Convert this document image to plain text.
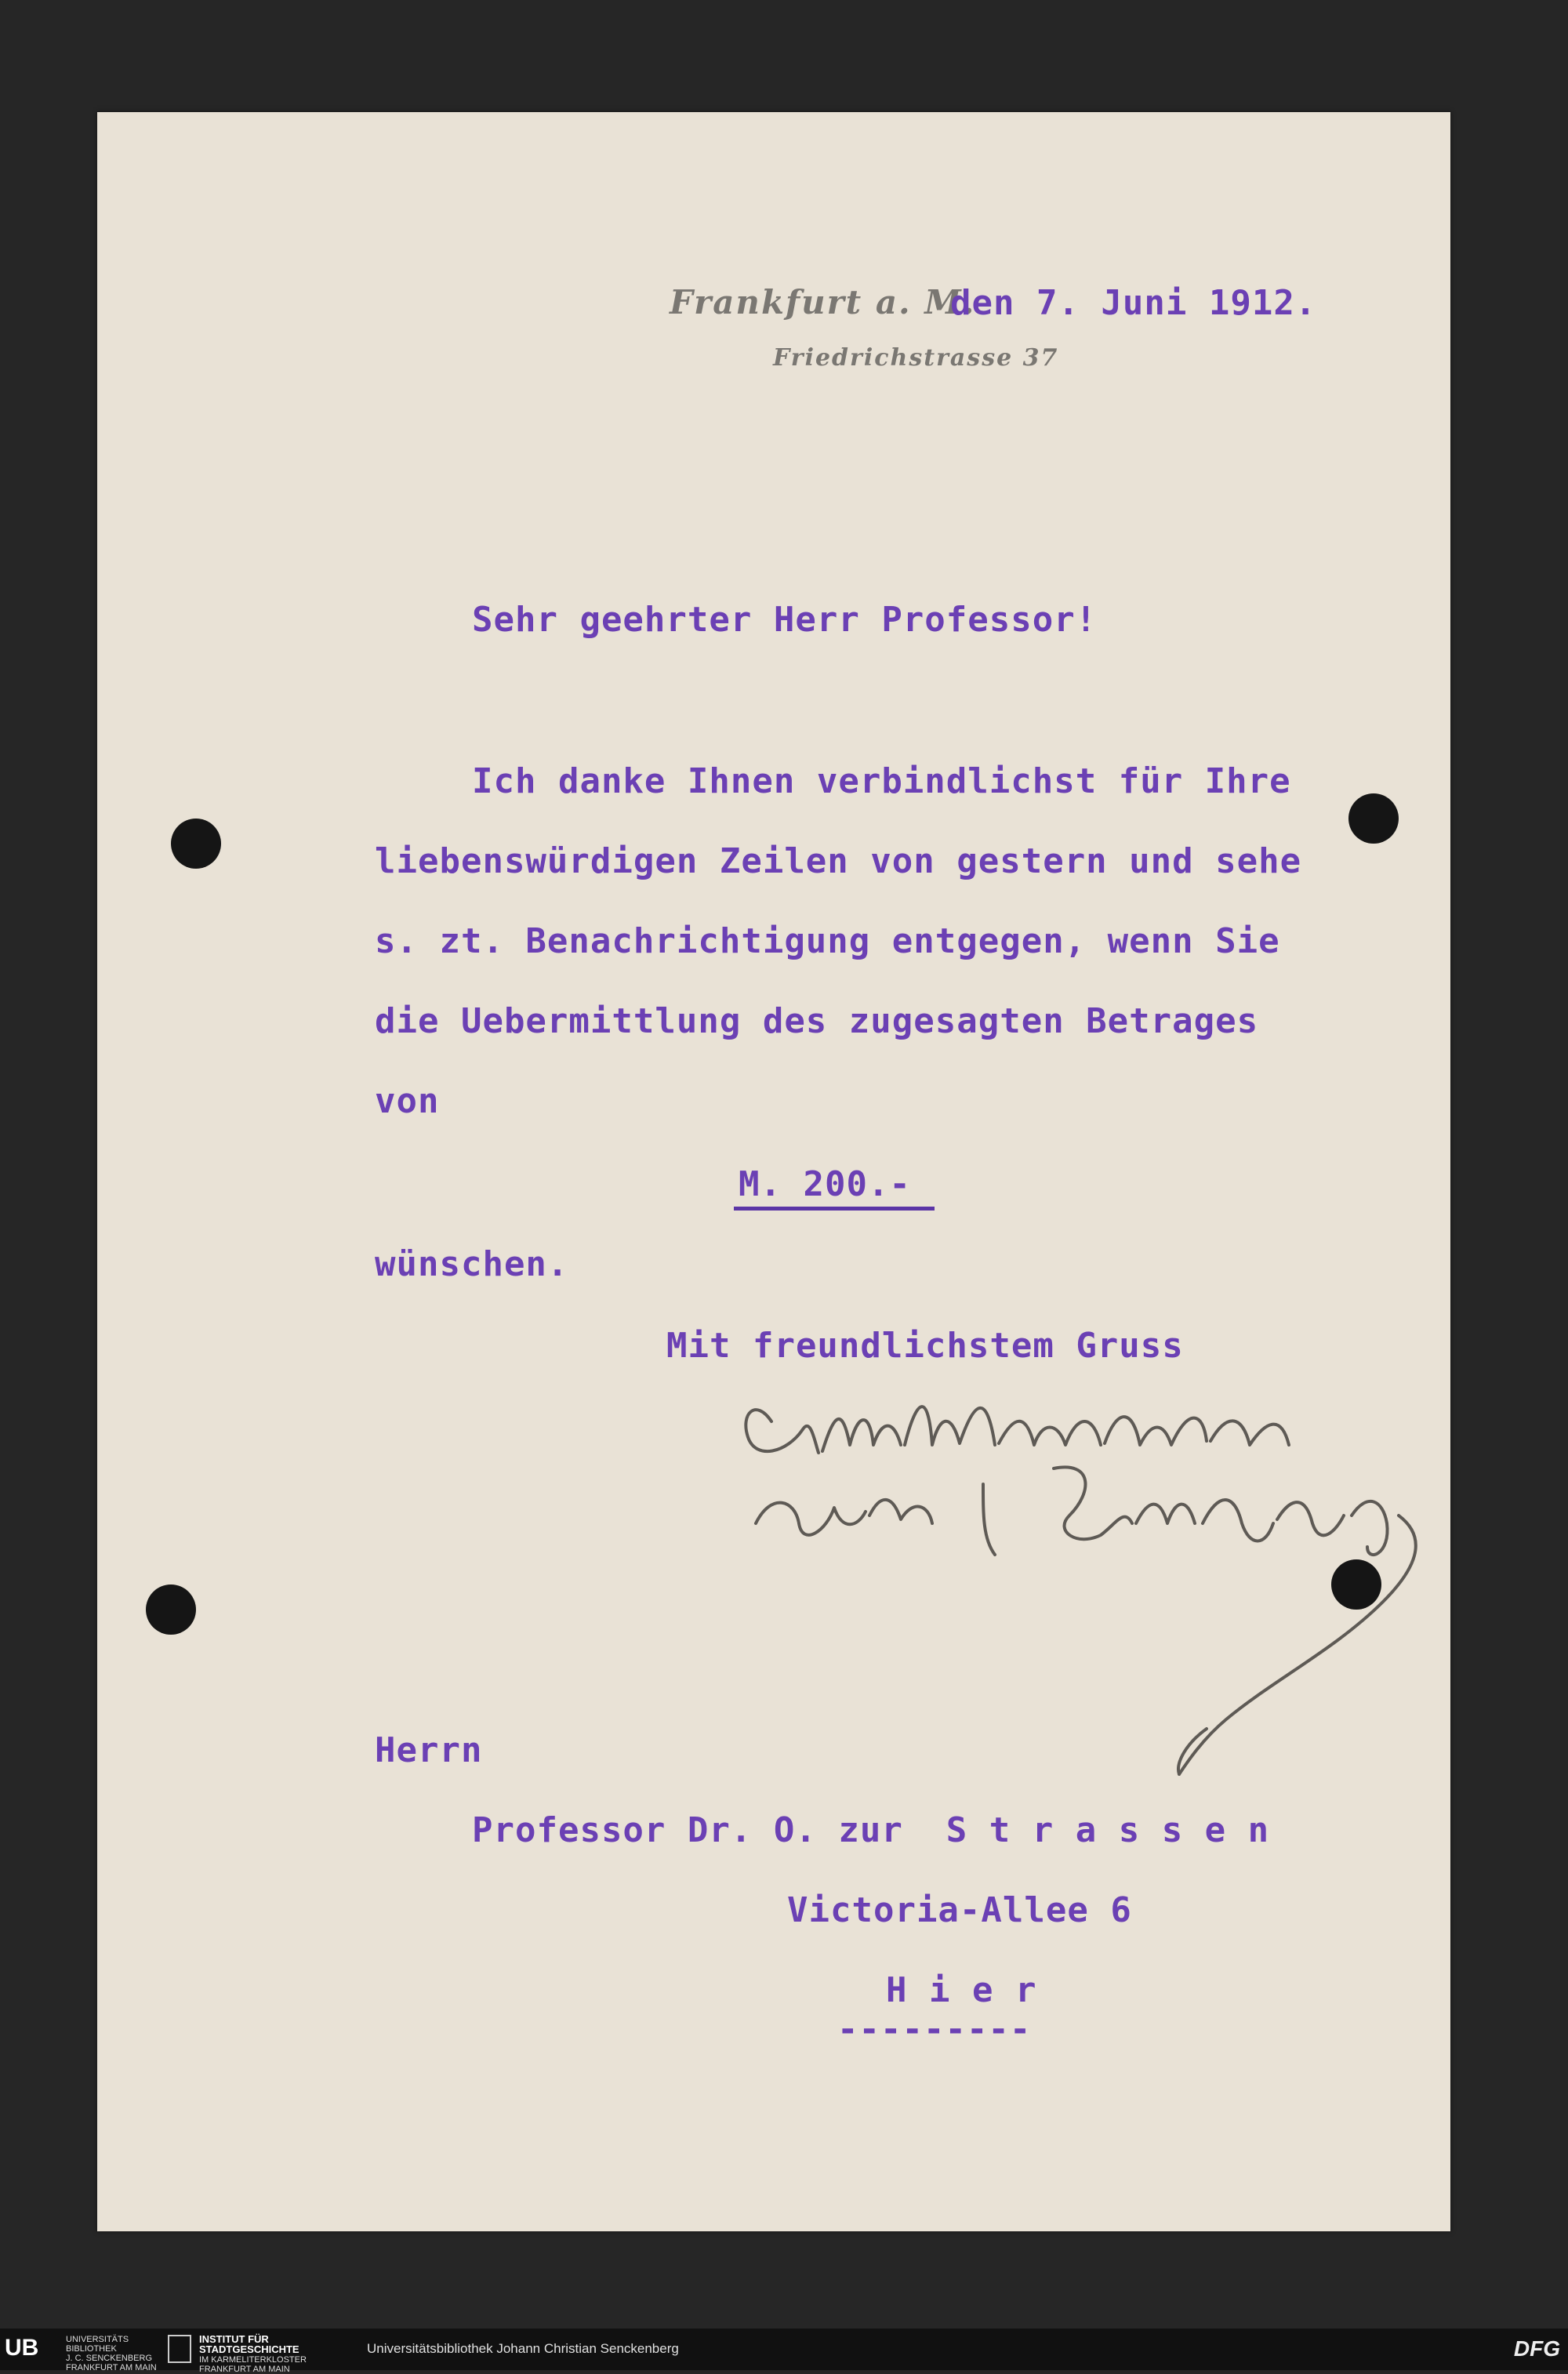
Frankfurt a. M.
Friedrichstrasse 37
den 7. Juni 1912.
Sehr geehrter Herr Professor!
Ich danke Ihnen verbindlichst für Ihre
liebenswürdigen Zeilen von gestern und sehe
s. zt. Benachrichtigung entgegen, wenn Sie
die Uebermittlung des zugesagten Betrages
von
M. 200.-
wünschen.
Mit freundlichstem Gruss
Herrn
Professor Dr. O. zur  S t r a s s e n
Victoria-Allee 6
H i e r
---------
UB	UNIVERSITÄTS BIBLIOTHEK
J. C. SENCKENBERG FRANKFURT AM MAIN
INSTITUT FÜR STADTGESCHICHTE
IM KARMELITERKLOSTER FRANKFURT AM MAIN
Universitätsbibliothek Johann Christian Senckenberg	DFG
